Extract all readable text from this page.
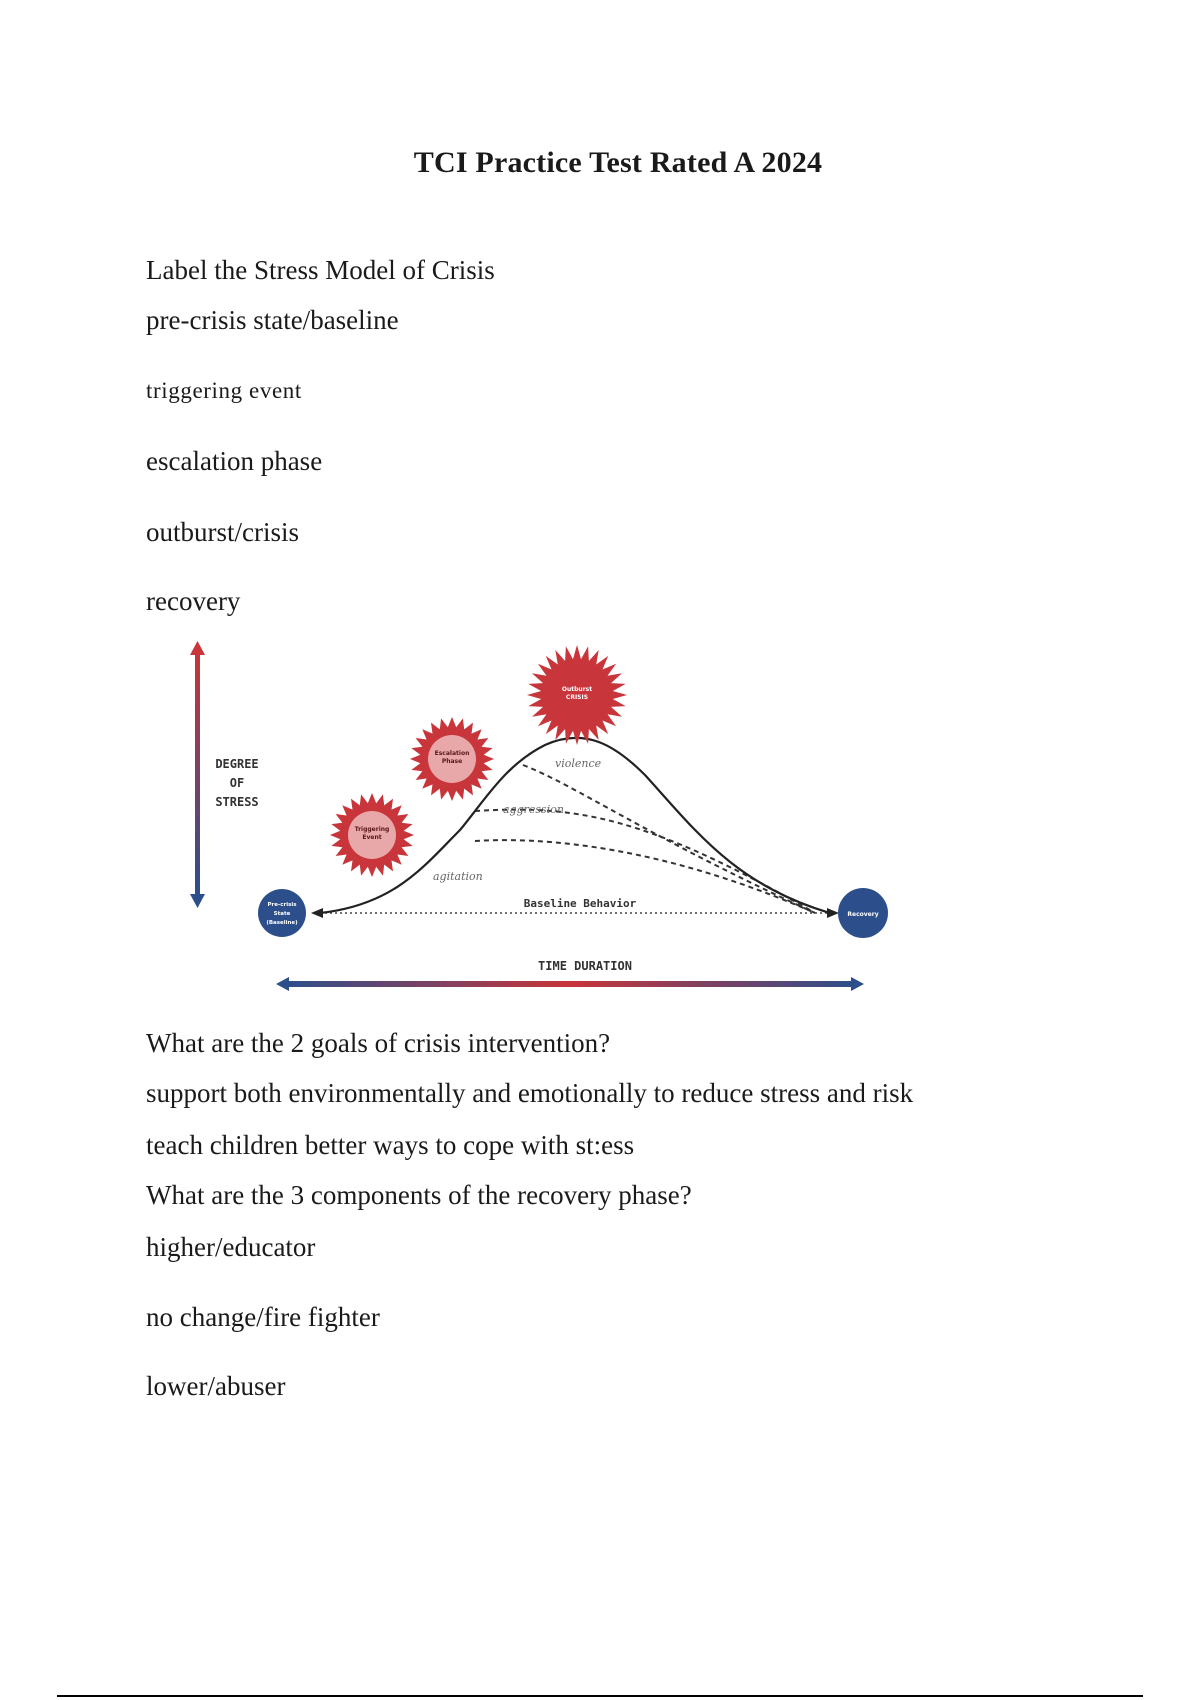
TCI Practice Test Rated A 2024

Label the Stress Model of Crisis

pre-crisis state/baseline

triggering event

escalation phase

outburst/crisis

recovery

DEGREE
OF
STRESS
Baseline Behavior
agitation
aggression
violence
Triggering
Event
Escalation
Phase
Outburst
CRISIS
Pre-crisis
State
(Baseline)
Recovery
TIME DURATION

What are the 2 goals of crisis intervention?

support both environmentally and emotionally to reduce stress and risk

teach children better ways to cope with st:ess

What are the 3 components of the recovery phase?

higher/educator

no change/fire fighter

lower/abuser
